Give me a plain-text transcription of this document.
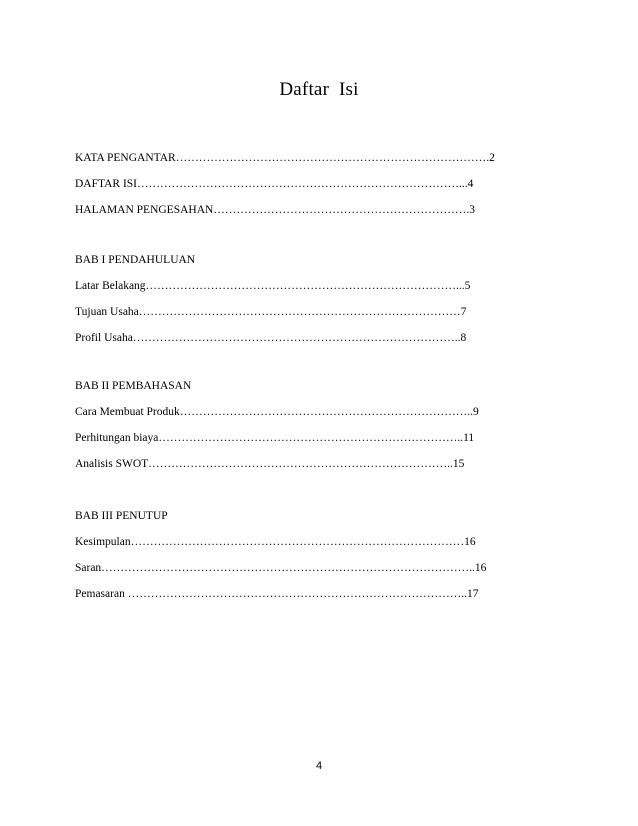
Daftar  Isi
KATA PENGANTAR……………………………………………………………………….2
DAFTAR ISI…………………………………………………………………………...4
HALAMAN PENGESAHAN………………………………………………………….3
BAB I PENDAHULUAN
Latar Belakang………………………………………………………………………...5
Tujuan Usaha…………………………………………………………………………7
Profil Usaha…………………………………………………………………………..8
BAB II PEMBAHASAN
Cara Membuat Produk…………………………………………………………………..9
Perhitungan biaya……………………………………………………………………..11
Analisis SWOT……………………………………………………………………..15
BAB III PENUTUP
Kesimpulan……………………………………………………………………………16
Saran……………………………………………………………………………………..16
Pemasaran ……………………………………………………………………………..17
4
